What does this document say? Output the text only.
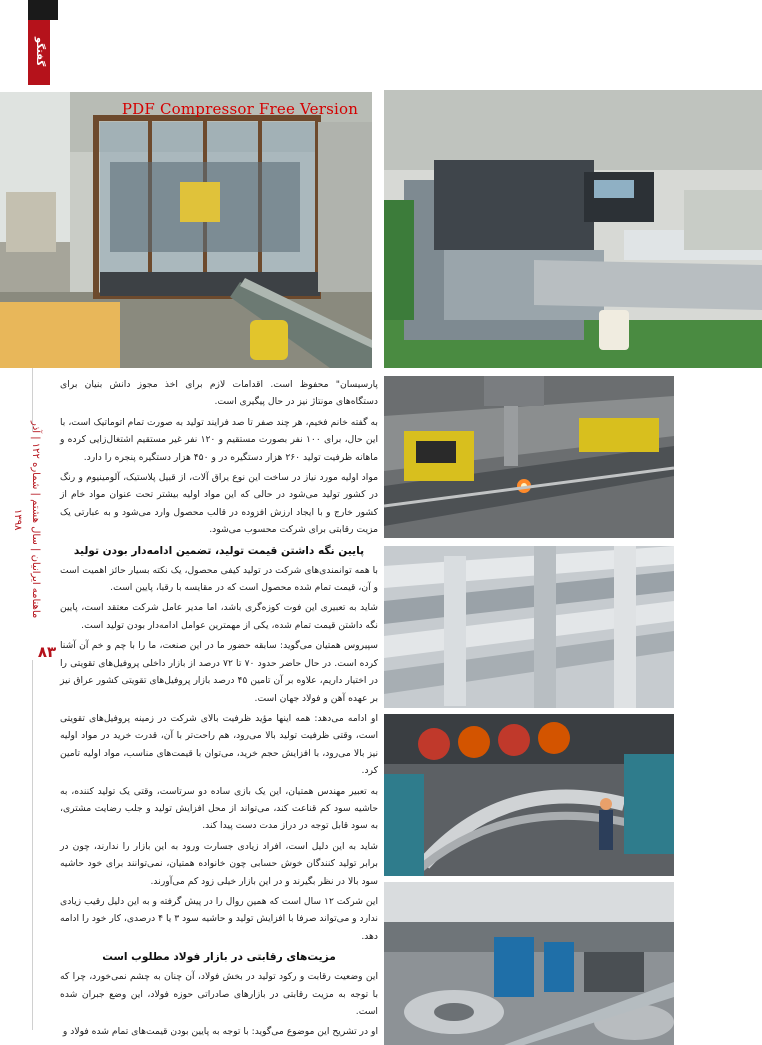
گفتگو
ماهنامه ایرانیان | سال هشتم | شماره ۱۲۲ | آذر ۱۳۹۸
۸۳
PDF Compressor Free Version

پارسیسان" محفوظ است. اقدامات لازم برای اخذ مجوز دانش بنیان برای دستگاه‌های مونتاژ نیز در حال پیگیری است.

به گفته خانم فخیم، هر چند صفر تا صد فرایند تولید به صورت تمام اتوماتیک است، با این حال، برای ۱۰۰ نفر بصورت مستقیم و ۱۲۰ نفر غیر مستقیم اشتغال‌زایی کرده و ماهانه ظرفیت تولید ۲۶۰ هزار دستگیره در و ۴۵۰ هزار دستگیره پنجره را دارد.

مواد اولیه مورد نیاز در ساخت این نوع یراق آلات، از قبیل پلاستیک، آلومینیوم و رنگ در کشور تولید می‌شود در حالی که این مواد اولیه بیشتر تحت عنوان مواد خام از کشور خارج و با ایجاد ارزش افزوده در قالب محصول وارد می‌شود و به عبارتی یک مزیت رقابتی برای شرکت محسوب می‌شود.

پایین نگه داشتن قیمت تولید، تضمین ادامه‌دار بودن تولید

با همه توانمندی‌های شرکت در تولید کیفی محصول، یک نکته بسیار حائز اهمیت است و آن، قیمت تمام شده محصول است که در مقایسه با رقبا، پایین است.

شاید به تعبیری این فوت کوزه‌گری باشد، اما مدیر عامل شرکت معتقد است، پایین نگه داشتن قیمت تمام شده، یکی از مهمترین عوامل ادامه‌دار بودن تولید است.

سپیروس همتیان می‌گوید: سابقه حضور ما در این صنعت، ما را با چم و خم آن آشنا کرده است. در حال حاضر حدود ۷۰ تا ۷۲ درصد از بازار داخلی پروفیل‌های تقویتی را در اختیار داریم، علاوه بر آن تامین ۴۵ درصد بازار پروفیل‌های تقویتی کشور عراق نیز بر عهده آهن و فولاد جهان است.

او ادامه می‌دهد: همه اینها مؤید ظرفیت بالای شرکت در زمینه پروفیل‌های تقویتی است، وقتی ظرفیت تولید بالا می‌رود، هم راحت‌تر با آن، قدرت خرید در مواد اولیه نیز بالا می‌رود، با افزایش حجم خرید، می‌توان با قیمت‌های مناسب، مواد اولیه تامین کرد.

به تعبیر مهندس همتیان، این یک بازی ساده دو سرتاست، وقتی یک تولید کننده، به حاشیه سود کم قناعت کند، می‌تواند از محل افزایش تولید و جلب رضایت مشتری، به سود قابل توجه در دراز مدت دست پیدا کند.

شاید به این دلیل است، افراد زیادی جسارت ورود به این بازار را ندارند، چون در برابر تولید کنندگان خوش حسابی چون خانواده همتیان، نمی‌توانند برای خود حاشیه سود بالا در نظر بگیرند و در این بازار خیلی زود کم می‌آورند.

این شرکت ۱۲ سال است که همین روال را در پیش گرفته و به این دلیل رقیب زیادی ندارد و می‌تواند صرفا با افزایش تولید و حاشیه سود ۳ یا ۴ درصدی، کار خود را ادامه دهد.

مزیت‌های رقابتی در بازار فولاد مطلوب است

این وضعیت رقابت و رکود تولید در بخش فولاد، آن چنان به چشم نمی‌خورد، چرا که با توجه به مزیت رقابتی در بازارهای صادراتی حوزه فولاد، این وضع جبران شده است.

او در تشریح این موضوع می‌گوید: با توجه به پایین بودن قیمت‌های تمام شده فولاد و
